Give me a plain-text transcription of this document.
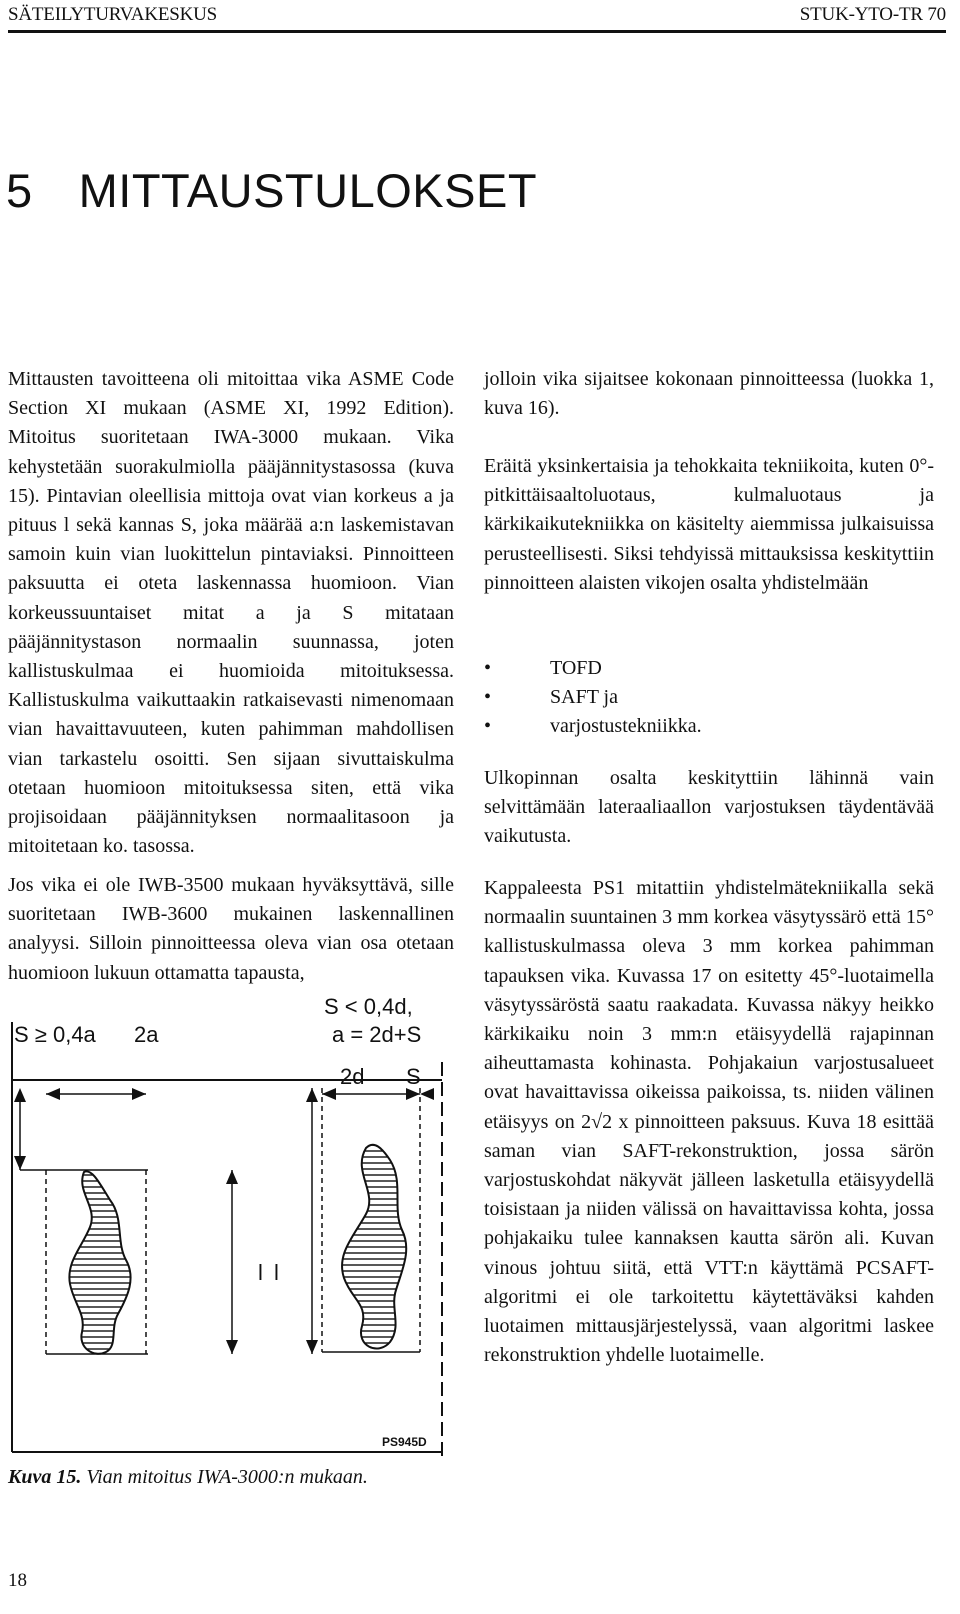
SÄTEILYTURVAKESKUS	STUK-YTO-TR 70
5 MITTAUSTULOKSET

Mittausten tavoitteena oli mitoittaa vika ASME Code Section XI mukaan (ASME XI, 1992 Edition). Mitoitus suoritetaan IWA-3000 mukaan. Vika kehystetään suorakulmiolla pääjännitystasossa (kuva 15). Pintavian oleellisia mittoja ovat vian korkeus a ja pituus l sekä kannas S, joka määrää a:n laskemistavan samoin kuin vian luokittelun pintaviaksi. Pinnoitteen paksuutta ei oteta laskennassa huomioon. Vian korkeussuuntaiset mitat a ja S mitataan pääjännitystason normaalin suunnassa, joten kallistuskulmaa ei huomioida mitoituksessa. Kallistuskulma vaikuttaakin ratkaisevasti nimenomaan vian havaittavuuteen, kuten pahimman mahdollisen vian tarkastelu osoitti. Sen sijaan sivuttaiskulma otetaan huomioon mitoituksessa siten, että vika projisoidaan pääjännityksen normaalitasoon ja mitoitetaan ko. tasossa.

Jos vika ei ole IWB-3500 mukaan hyväksyttävä, sille suoritetaan IWB-3600 mukainen laskennallinen analyysi. Silloin pinnoitteessa oleva vian osa otetaan huomioon lukuun ottamatta tapausta,

S ≥ 0,4a 2a
S < 0,4d,
a = 2d+S
2d S
l l
PS945D
Kuva 15. Vian mitoitus IWA-3000:n mukaan.

jolloin vika sijaitsee kokonaan pinnoitteessa (luokka 1, kuva 16).

Eräitä yksinkertaisia ja tehokkaita tekniikoita, kuten 0°-pitkittäisaaltoluotaus, kulmaluotaus ja kärkikaikutekniikka on käsitelty aiemmissa julkaisuissa perusteellisesti. Siksi tehdyissä mittauksissa keskityttiin pinnoitteen alaisten vikojen osalta yhdistelmään

•	TOFD
•	SAFT ja
•	varjostustekniikka.

Ulkopinnan osalta keskityttiin lähinnä vain selvittämään lateraaliaallon varjostuksen täydentävää vaikutusta.

Kappaleesta PS1 mitattiin yhdistelmätekniikalla sekä normaalin suuntainen 3 mm korkea väsytyssärö että 15° kallistuskulmassa oleva 3 mm korkea pahimman tapauksen vika. Kuvassa 17 on esitetty 45°-luotaimella väsytyssäröstä saatu raakadata. Kuvassa näkyy heikko kärkikaiku noin 3 mm:n etäisyydellä rajapinnan aiheuttamasta kohinasta. Pohjakaiun varjostusalueet ovat havaittavissa oikeissa paikoissa, ts. niiden välinen etäisyys on 2√2 x pinnoitteen paksuus. Kuva 18 esittää saman vian SAFT-rekonstruktion, jossa särön varjostuskohdat näkyvät jälleen lasketulla etäisyydellä toisistaan ja niiden välissä on havaittavissa kohta, jossa pohjakaiku tulee kannaksen kautta särön ali. Kuvan vinous johtuu siitä, että VTT:n käyttämä PCSAFT-algoritmi ei ole tarkoitettu käytettäväksi kahden luotaimen mittausjärjestelyssä, vaan algoritmi laskee rekonstruktion yhdelle luotaimelle.

18
